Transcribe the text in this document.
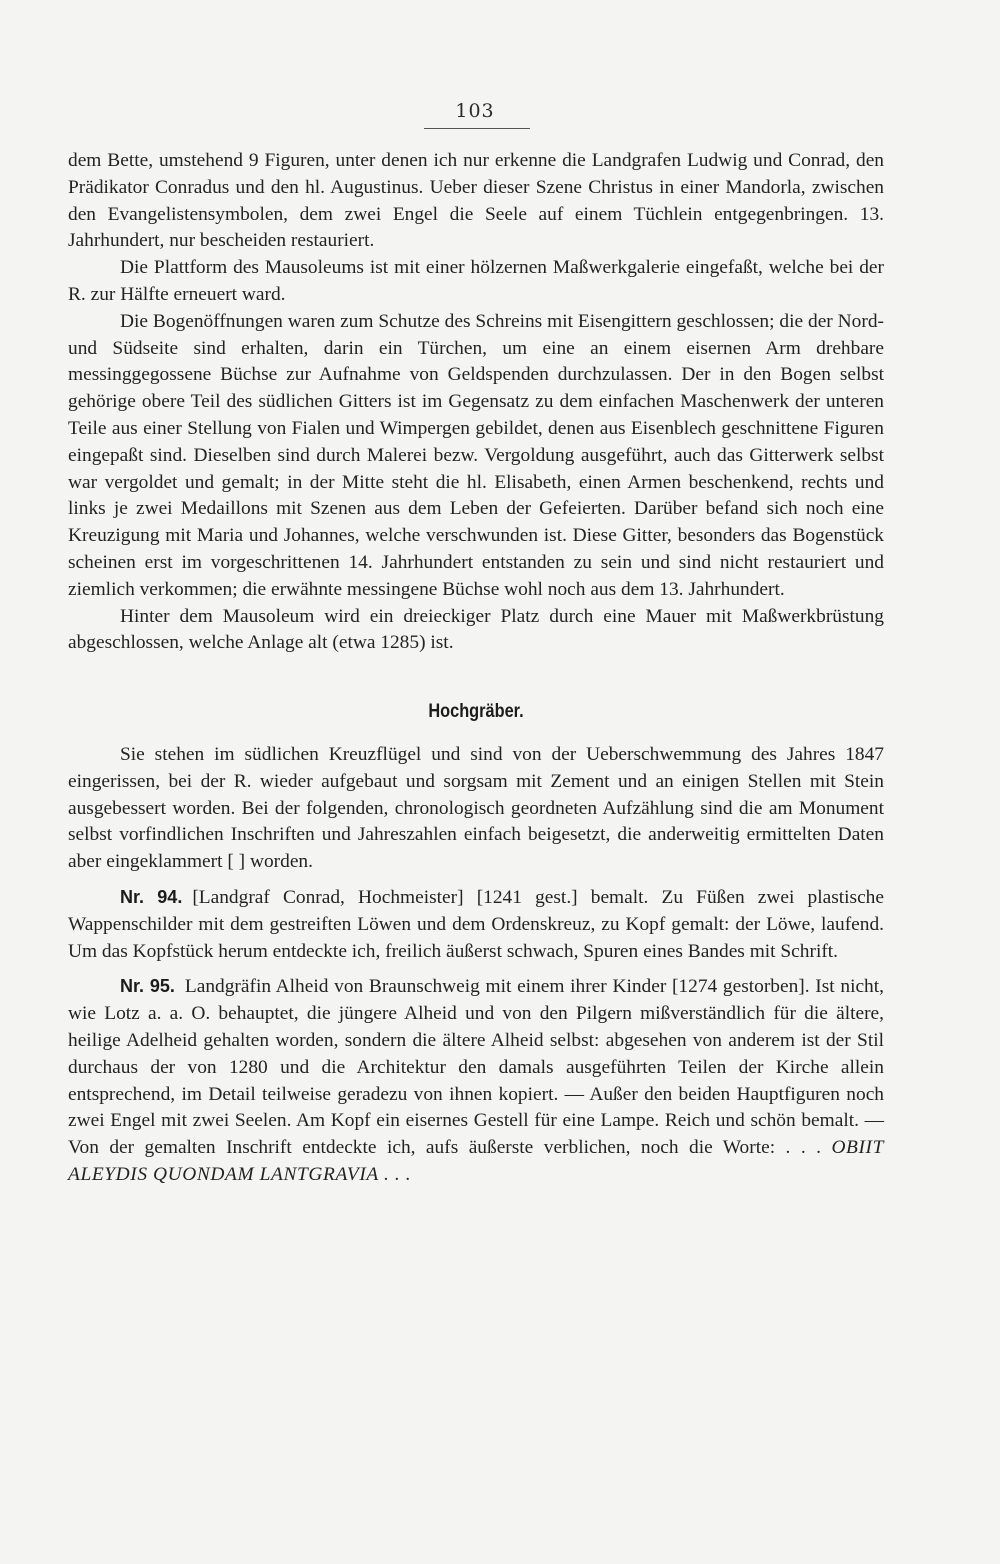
103

dem Bette, umstehend 9 Figuren, unter denen ich nur erkenne die Landgrafen Ludwig und Conrad, den Prädikator Conradus und den hl. Augustinus. Ueber dieser Szene Christus in einer Mandorla, zwischen den Evangelistensymbolen, dem zwei Engel die Seele auf einem Tüchlein entgegenbringen. 13. Jahrhundert, nur bescheiden restauriert.

Die Plattform des Mausoleums ist mit einer hölzernen Maßwerkgalerie eingefaßt, welche bei der R. zur Hälfte erneuert ward.

Die Bogenöffnungen waren zum Schutze des Schreins mit Eisengittern geschlossen; die der Nord- und Südseite sind erhalten, darin ein Türchen, um eine an einem eisernen Arm drehbare messinggegossene Büchse zur Aufnahme von Geldspenden durchzulassen. Der in den Bogen selbst gehörige obere Teil des südlichen Gitters ist im Gegensatz zu dem einfachen Maschenwerk der unteren Teile aus einer Stellung von Fialen und Wimpergen gebildet, denen aus Eisenblech geschnittene Figuren eingepaßt sind. Dieselben sind durch Malerei bezw. Vergoldung ausgeführt, auch das Gitterwerk selbst war vergoldet und gemalt; in der Mitte steht die hl. Elisabeth, einen Armen beschenkend, rechts und links je zwei Medaillons mit Szenen aus dem Leben der Gefeierten. Darüber befand sich noch eine Kreuzigung mit Maria und Johannes, welche verschwunden ist. Diese Gitter, besonders das Bogenstück scheinen erst im vorgeschrittenen 14. Jahrhundert entstanden zu sein und sind nicht restauriert und ziemlich verkommen; die erwähnte messingene Büchse wohl noch aus dem 13. Jahrhundert.

Hinter dem Mausoleum wird ein dreieckiger Platz durch eine Mauer mit Maßwerkbrüstung abgeschlossen, welche Anlage alt (etwa 1285) ist.

Hochgräber.

Sie stehen im südlichen Kreuzflügel und sind von der Ueberschwemmung des Jahres 1847 eingerissen, bei der R. wieder aufgebaut und sorgsam mit Zement und an einigen Stellen mit Stein ausgebessert worden. Bei der folgenden, chronologisch geordneten Aufzählung sind die am Monument selbst vorfindlichen Inschriften und Jahreszahlen einfach beigesetzt, die anderweitig ermittelten Daten aber eingeklammert [ ] worden.

Nr. 94. [Landgraf Conrad, Hochmeister] [1241 gest.] bemalt. Zu Füßen zwei plastische Wappenschilder mit dem gestreiften Löwen und dem Ordenskreuz, zu Kopf gemalt: der Löwe, laufend. Um das Kopfstück herum entdeckte ich, freilich äußerst schwach, Spuren eines Bandes mit Schrift.

Nr. 95. Landgräfin Alheid von Braunschweig mit einem ihrer Kinder [1274 gestorben]. Ist nicht, wie Lotz a. a. O. behauptet, die jüngere Alheid und von den Pilgern mißverständlich für die ältere, heilige Adelheid gehalten worden, sondern die ältere Alheid selbst: abgesehen von anderem ist der Stil durchaus der von 1280 und die Architektur den damals ausgeführten Teilen der Kirche allein entsprechend, im Detail teilweise geradezu von ihnen kopiert. — Außer den beiden Hauptfiguren noch zwei Engel mit zwei Seelen. Am Kopf ein eisernes Gestell für eine Lampe. Reich und schön bemalt. — Von der gemalten Inschrift entdeckte ich, aufs äußerste verblichen, noch die Worte: . . . OBIIT ALEYDIS QUONDAM LANTGRAVIA . . .
